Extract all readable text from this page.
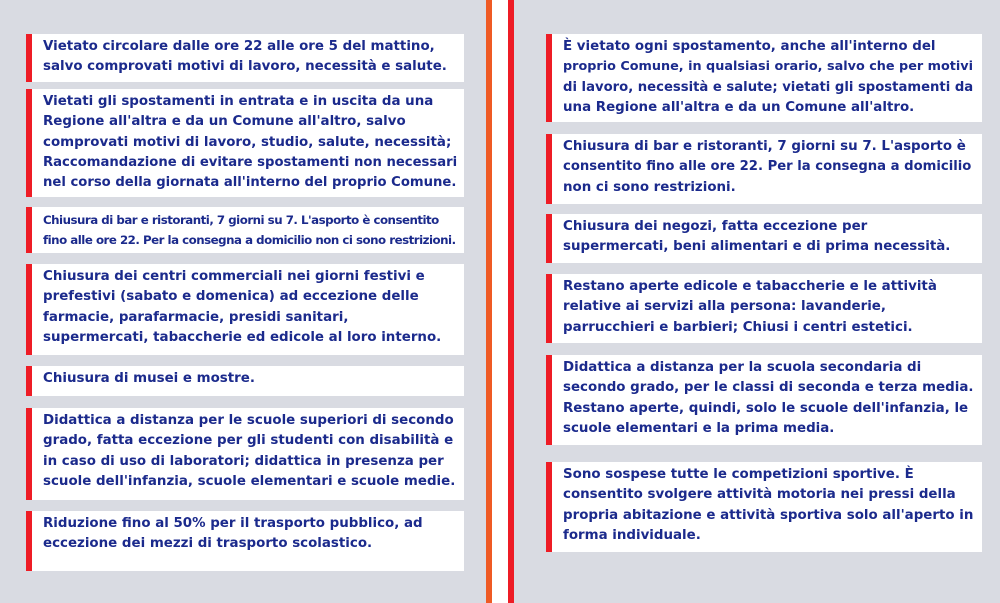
Vietato circolare dalle ore 22 alle ore 5 del mattino,
salvo comprovati motivi di lavoro, necessità e salute.
Vietati gli spostamenti in entrata e in uscita da una
Regione all'altra e da un Comune all'altro, salvo
comprovati motivi di lavoro, studio, salute, necessità;
Raccomandazione di evitare spostamenti non necessari
nel corso della giornata all'interno del proprio Comune.
Chiusura di bar e ristoranti, 7 giorni su 7. L'asporto è consentito
fino alle ore 22. Per la consegna a domicilio non ci sono restrizioni.
Chiusura dei centri commerciali nei giorni festivi e
prefestivi (sabato e domenica) ad eccezione delle
farmacie, parafarmacie, presidi sanitari,
supermercati, tabaccherie ed edicole al loro interno.
Chiusura di musei e mostre.
Didattica a distanza per le scuole superiori di secondo
grado, fatta eccezione per gli studenti con disabilità e
in caso di uso di laboratori; didattica in presenza per
scuole dell'infanzia, scuole elementari e scuole medie.
Riduzione fino al 50% per il trasporto pubblico, ad
eccezione dei mezzi di trasporto scolastico.
È vietato ogni spostamento, anche all'interno del
proprio Comune, in qualsiasi orario, salvo che per motivi
di lavoro, necessità e salute; vietati gli spostamenti da
una Regione all'altra e da un Comune all'altro.
Chiusura di bar e ristoranti, 7 giorni su 7. L'asporto è
consentito fino alle ore 22. Per la consegna a domicilio
non ci sono restrizioni.
Chiusura dei negozi, fatta eccezione per
supermercati, beni alimentari e di prima necessità.
Restano aperte edicole e tabaccherie e le attività
relative ai servizi alla persona: lavanderie,
parrucchieri e barbieri; Chiusi i centri estetici.
Didattica a distanza per la scuola secondaria di
secondo grado, per le classi di seconda e terza media.
Restano aperte, quindi, solo le scuole dell'infanzia, le
scuole elementari e la prima media.
Sono sospese tutte le competizioni sportive. È
consentito svolgere attività motoria nei pressi della
propria abitazione e attività sportiva solo all'aperto in
forma individuale.
